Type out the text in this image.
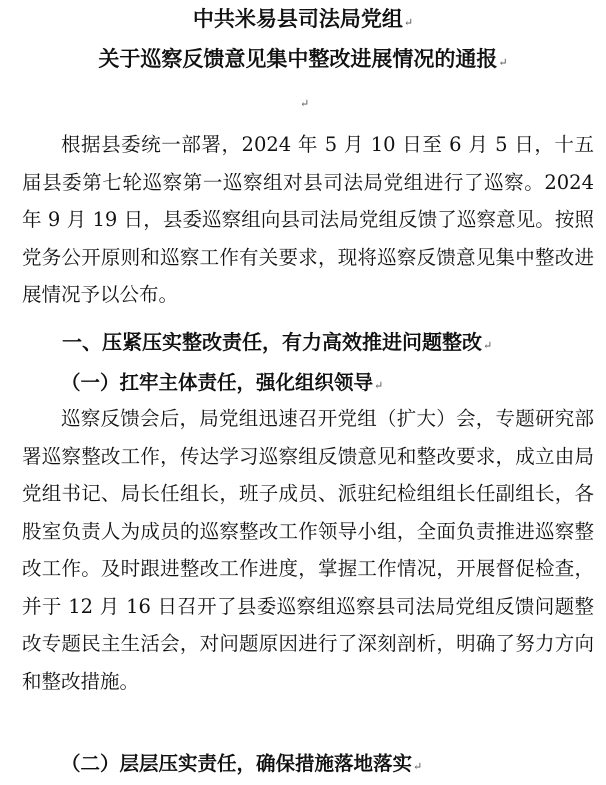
中共米易县司法局党组↵
关于巡察反馈意见集中整改进展情况的通报↵
↵

根据县委统一部署，2024 年 5 月 10 日至 6 月 5 日，十五届县委第七轮巡察第一巡察组对县司法局党组进行了巡察。2024 年 9 月 19 日，县委巡察组向县司法局党组反馈了巡察意见。按照党务公开原则和巡察工作有关要求，现将巡察反馈意见集中整改进展情况予以公布。

一、压紧压实整改责任，有力高效推进问题整改↵
（一）扛牢主体责任，强化组织领导↵

巡察反馈会后，局党组迅速召开党组（扩大）会，专题研究部署巡察整改工作，传达学习巡察组反馈意见和整改要求，成立由局党组书记、局长任组长，班子成员、派驻纪检组组长任副组长，各股室负责人为成员的巡察整改工作领导小组，全面负责推进巡察整改工作。及时跟进整改工作进度，掌握工作情况，开展督促检查，并于 12 月 16 日召开了县委巡察组巡察县司法局党组反馈问题整改专题民主生活会，对问题原因进行了深刻剖析，明确了努力方向和整改措施。

（二）层层压实责任，确保措施落地落实↵
